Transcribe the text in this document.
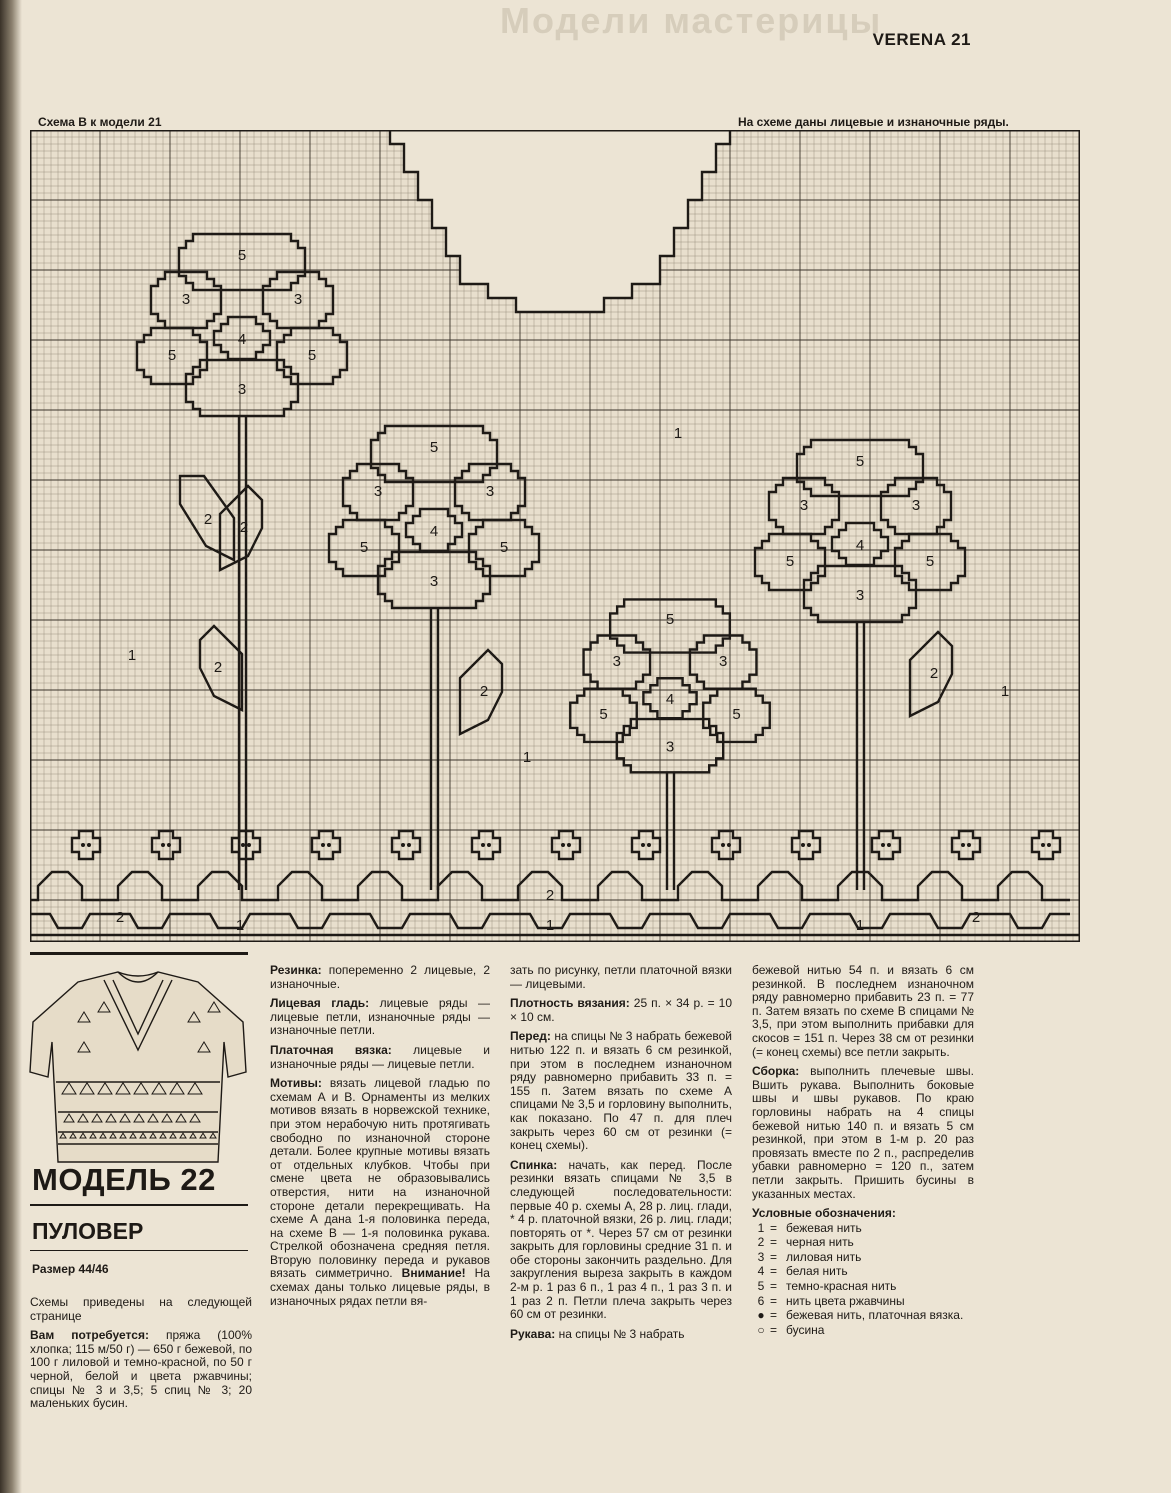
Модели мастерицы
VERENA 21
Схема В к модели 21	На схеме даны лицевые и изнаночные ряды.
5
3	3
5	5
4
3
2
5
3	3
5	5
4
3
2
5
3	3
5	5
4
3
2
5
3	3
5	5
4
3
2
2
1
1
1
1
2
2
2
1	1	1
МОДЕЛЬ 22
ПУЛОВЕР
Размер 44/46

Схемы приведены на следующей странице

Вам потребуется: пряжа (100% хлопка; 115 м/50 г) — 650 г бежевой, по 100 г лиловой и темно-красной, по 50 г черной, белой и цвета ржавчины; спицы № 3 и 3,5; 5 спиц № 3; 20 маленьких бусин.

Резинка: попеременно 2 лицевые, 2 изнаночные.

Лицевая гладь: лицевые ряды — лицевые петли, изнаночные ряды — изнаночные петли.

Платочная вязка: лицевые и изнаночные ряды — лицевые петли.

Мотивы: вязать лицевой гладью по схемам А и В. Орнаменты из мелких мотивов вязать в норвежской технике, при этом нерабочую нить протягивать свободно по изнаночной стороне детали. Более крупные мотивы вязать от отдельных клубков. Чтобы при смене цвета не образовывались отверстия, нити на изнаночной стороне детали перекрещивать. На схеме А дана 1-я половинка переда, на схеме В — 1-я половинка рукава. Стрелкой обозначена средняя петля. Вторую половинку переда и рукавов вязать симметрично. Внимание! На схемах даны только лицевые ряды, в изнаночных рядах петли вя-

зать по рисунку, петли платочной вязки — лицевыми.

Плотность вязания: 25 п. × 34 р. = 10 × 10 см.

Перед: на спицы № 3 набрать бежевой нитью 122 п. и вязать 6 см резинкой, при этом в последнем изнаночном ряду равномерно прибавить 33 п. = 155 п. Затем вязать по схеме А спицами № 3,5 и горловину выполнить, как показано. По 47 п. для плеч закрыть через 60 см от резинки (= конец схемы).

Спинка: начать, как перед. После резинки вязать спицами № 3,5 в следующей последовательности: первые 40 р. схемы А, 28 р. лиц. глади, * 4 р. платочной вязки, 26 р. лиц. глади; повторять от *. Через 57 см от резинки закрыть для горловины средние 31 п. и обе стороны закончить раздельно. Для закругления выреза закрыть в каждом 2-м р. 1 раз 6 п., 1 раз 4 п., 1 раз 3 п. и 1 раз 2 п. Петли плеча закрыть через 60 см от резинки.

Рукава: на спицы № 3 набрать

бежевой нитью 54 п. и вязать 6 см резинкой. В последнем изнаночном ряду равномерно прибавить 23 п. = 77 п. Затем вязать по схеме В спицами № 3,5, при этом выполнить прибавки для скосов = 151 п. Через 38 см от резинки (= конец схемы) все петли закрыть.

Сборка: выполнить плечевые швы. Вшить рукава. Выполнить боковые швы и швы рукавов. По краю горловины набрать на 4 спицы бежевой нитью 140 п. и вязать 5 см резинкой, при этом в 1-м р. 20 раз провязать вместе по 2 п., распределив убавки равномерно = 120 п., затем петли закрыть. Пришить бусины в указанных местах.

Условные обозначения:
1 = бежевая нить
2 = черная нить
3 = лиловая нить
4 = белая нить
5 = темно-красная нить
6 = нить цвета ржавчины
● = бежевая нить, платочная вязка.
○ = бусина
